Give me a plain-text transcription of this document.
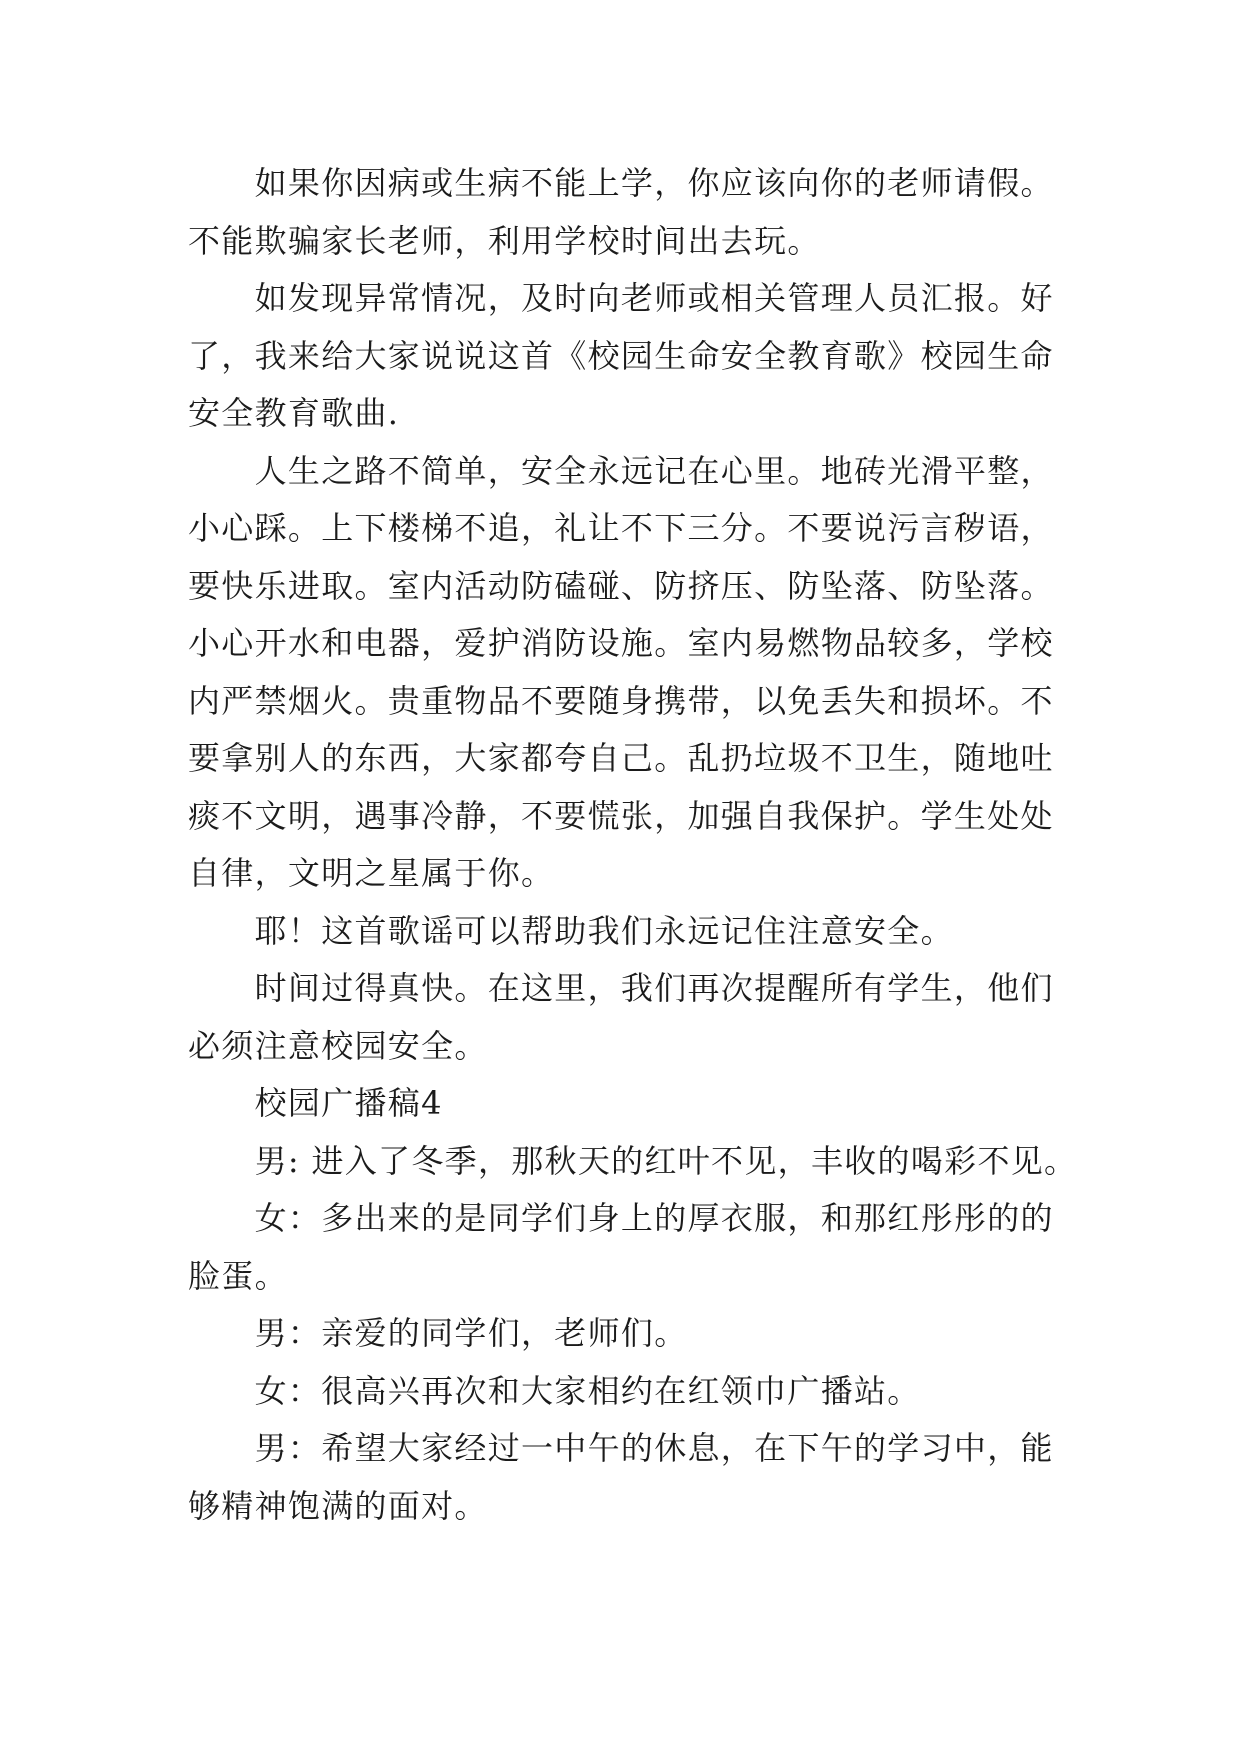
如果你因病或生病不能上学，你应该向你的老师请假。
不能欺骗家长老师，利用学校时间出去玩。
如发现异常情况，及时向老师或相关管理人员汇报。好
了，我来给大家说说这首《校园生命安全教育歌》校园生命
安全教育歌曲.
人生之路不简单，安全永远记在心里。地砖光滑平整，
小心踩。上下楼梯不追，礼让不下三分。不要说污言秽语，
要快乐进取。室内活动防磕碰、防挤压、防坠落、防坠落。
小心开水和电器，爱护消防设施。室内易燃物品较多，学校
内严禁烟火。贵重物品不要随身携带，以免丢失和损坏。不
要拿别人的东西，大家都夸自己。乱扔垃圾不卫生，随地吐
痰不文明，遇事冷静，不要慌张，加强自我保护。学生处处
自律，文明之星属于你。
耶！这首歌谣可以帮助我们永远记住注意安全。
时间过得真快。在这里，我们再次提醒所有学生，他们
必须注意校园安全。
校园广播稿4
男: 进入了冬季，那秋天的红叶不见，丰收的喝彩不见。
女：多出来的是同学们身上的厚衣服，和那红彤彤的的
脸蛋。
男：亲爱的同学们，老师们。
女：很高兴再次和大家相约在红领巾广播站。
男：希望大家经过一中午的休息，在下午的学习中，能
够精神饱满的面对。
